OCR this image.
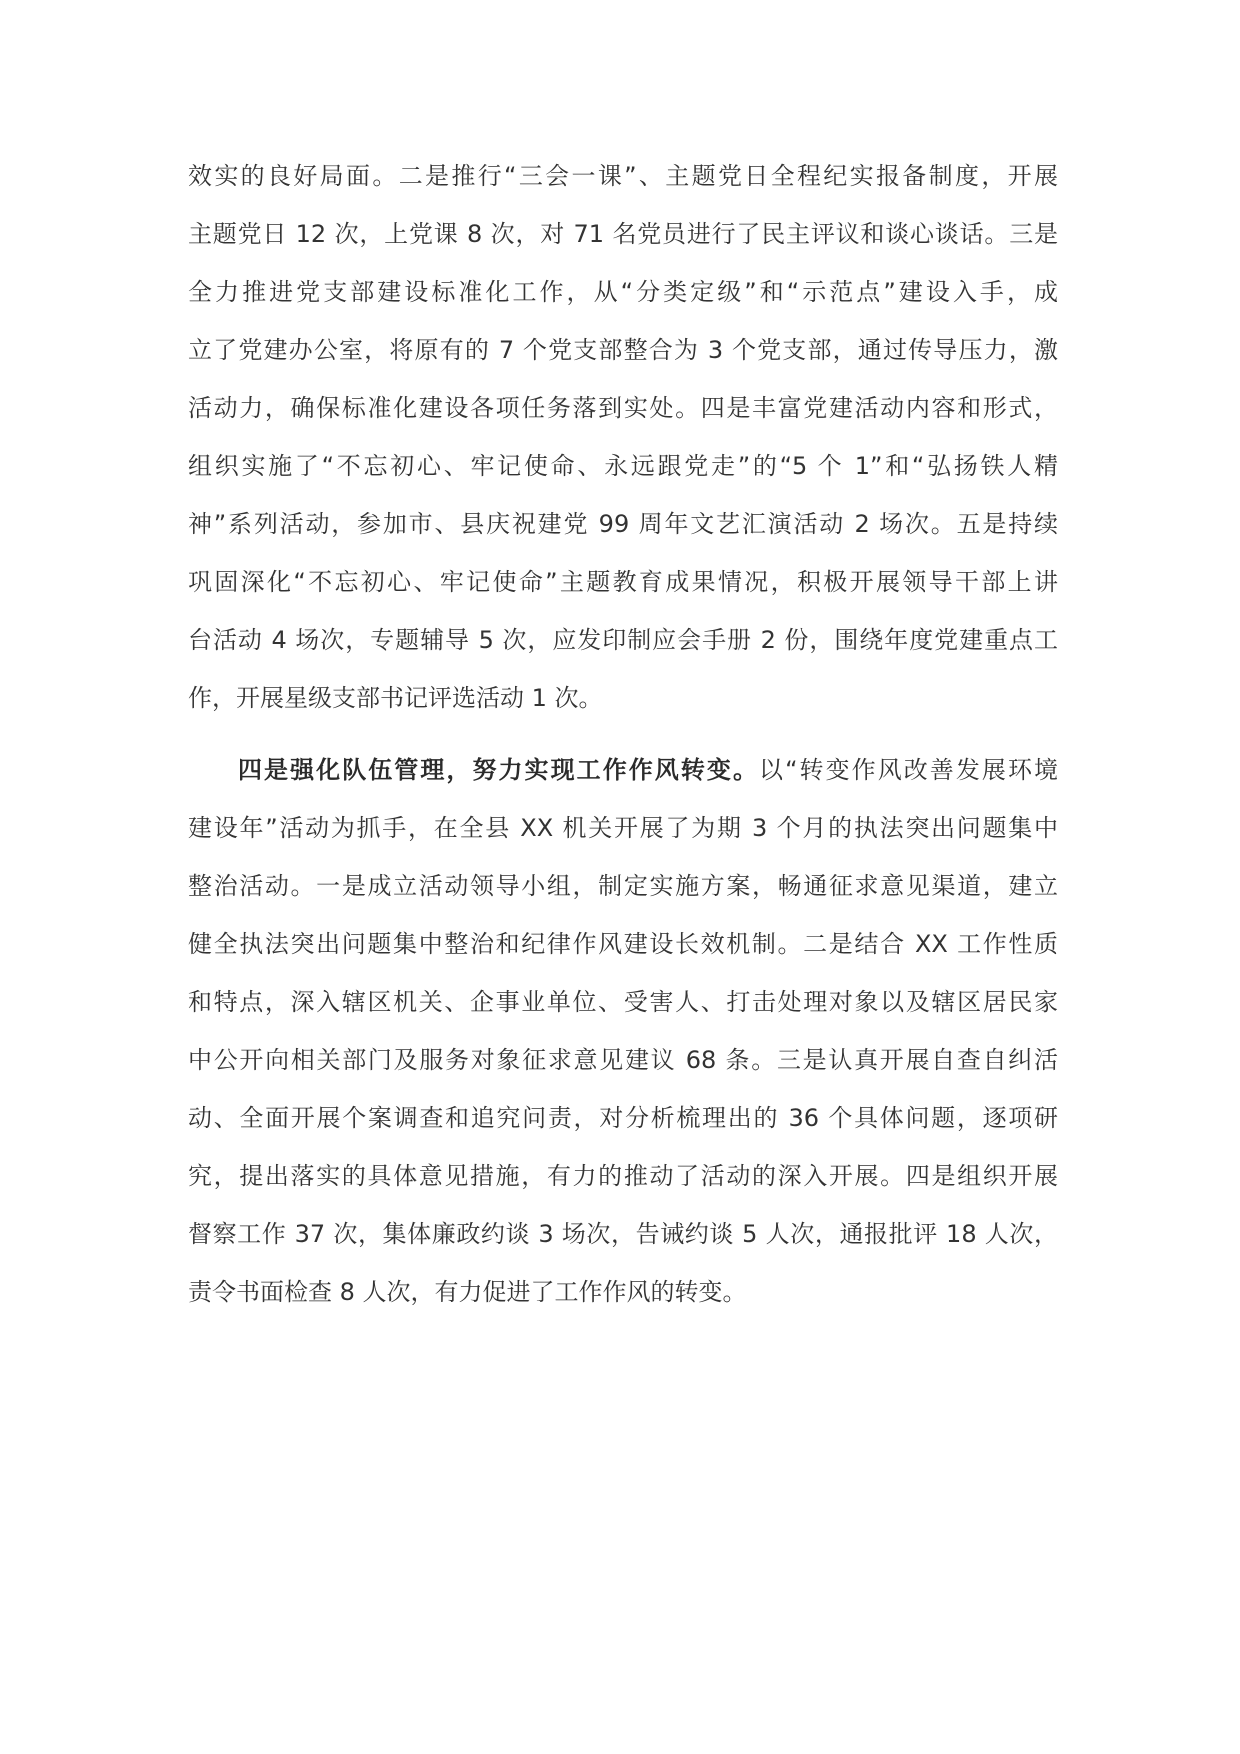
效实的良好局面。二是推行“三会一课”、主题党日全程纪实报备制度，开展
主题党日 12 次，上党课 8 次，对 71 名党员进行了民主评议和谈心谈话。三是
全力推进党支部建设标准化工作，从“分类定级”和“示范点”建设入手，成
立了党建办公室，将原有的 7 个党支部整合为 3 个党支部，通过传导压力，激
活动力，确保标准化建设各项任务落到实处。四是丰富党建活动内容和形式，
组织实施了“不忘初心、牢记使命、永远跟党走”的“5 个 1”和“弘扬铁人精
神”系列活动，参加市、县庆祝建党 99 周年文艺汇演活动 2 场次。五是持续
巩固深化“不忘初心、牢记使命”主题教育成果情况，积极开展领导干部上讲
台活动 4 场次，专题辅导 5 次，应发印制应会手册 2 份，围绕年度党建重点工
作，开展星级支部书记评选活动 1 次。
四是强化队伍管理，努力实现工作作风转变。以“转变作风改善发展环境
建设年”活动为抓手，在全县 XX 机关开展了为期 3 个月的执法突出问题集中
整治活动。一是成立活动领导小组，制定实施方案，畅通征求意见渠道，建立
健全执法突出问题集中整治和纪律作风建设长效机制。二是结合 XX 工作性质
和特点，深入辖区机关、企事业单位、受害人、打击处理对象以及辖区居民家
中公开向相关部门及服务对象征求意见建议 68 条。三是认真开展自查自纠活
动、全面开展个案调查和追究问责，对分析梳理出的 36 个具体问题，逐项研
究，提出落实的具体意见措施，有力的推动了活动的深入开展。四是组织开展
督察工作 37 次，集体廉政约谈 3 场次，告诫约谈 5 人次，通报批评 18 人次，
责令书面检查 8 人次，有力促进了工作作风的转变。
